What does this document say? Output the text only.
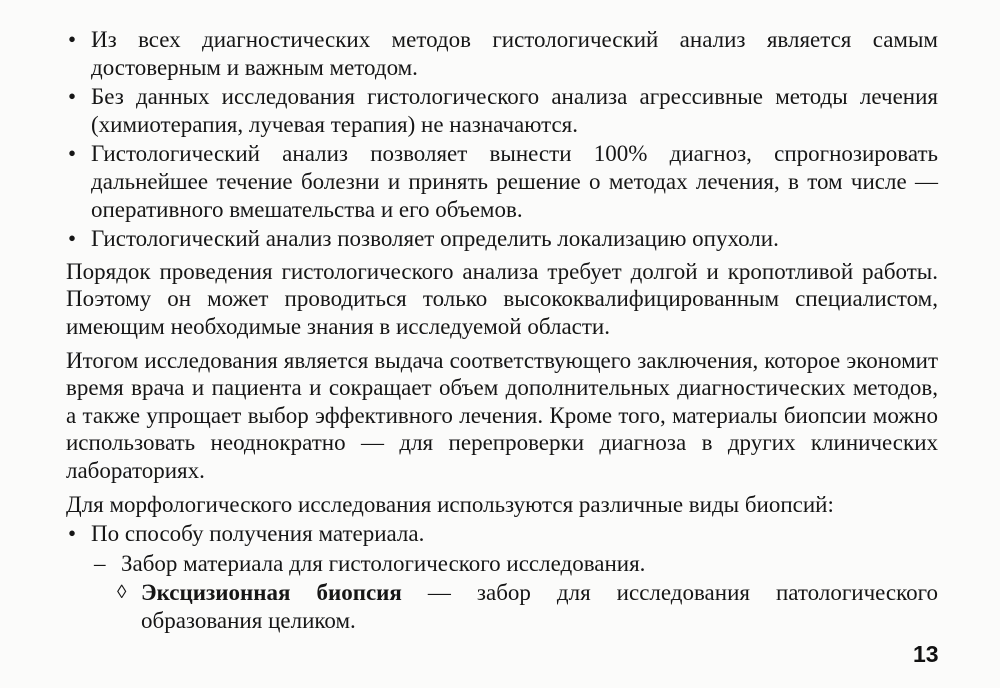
• Из всех диагностических методов гистологический анализ является самым достоверным и важным методом.

• Без данных исследования гистологического анализа агрессивные методы лечения (химиотерапия, лучевая терапия) не назначаются.

• Гистологический анализ позволяет вынести 100% диагноз, спрогнозировать дальнейшее течение болезни и принять решение о методах лечения, в том числе — оперативного вмешательства и его объемов.

• Гистологический анализ позволяет определить локализацию опухоли.

Порядок проведения гистологического анализа требует долгой и кропотливой работы. Поэтому он может проводиться только высококвалифицированным специалистом, имеющим необходимые знания в исследуемой области.

Итогом исследования является выдача соответствующего заключения, которое экономит время врача и пациента и сокращает объем дополнительных диагностических методов, а также упрощает выбор эффективного лечения. Кроме того, материалы биопсии можно использовать неоднократно — для перепроверки диагноза в других клинических лабораториях.

Для морфологического исследования используются различные виды биопсий:

• По способу получения материала.

– Забор материала для гистологического исследования.

◊ Эксцизионная биопсия — забор для исследования патологического образования целиком.

13
